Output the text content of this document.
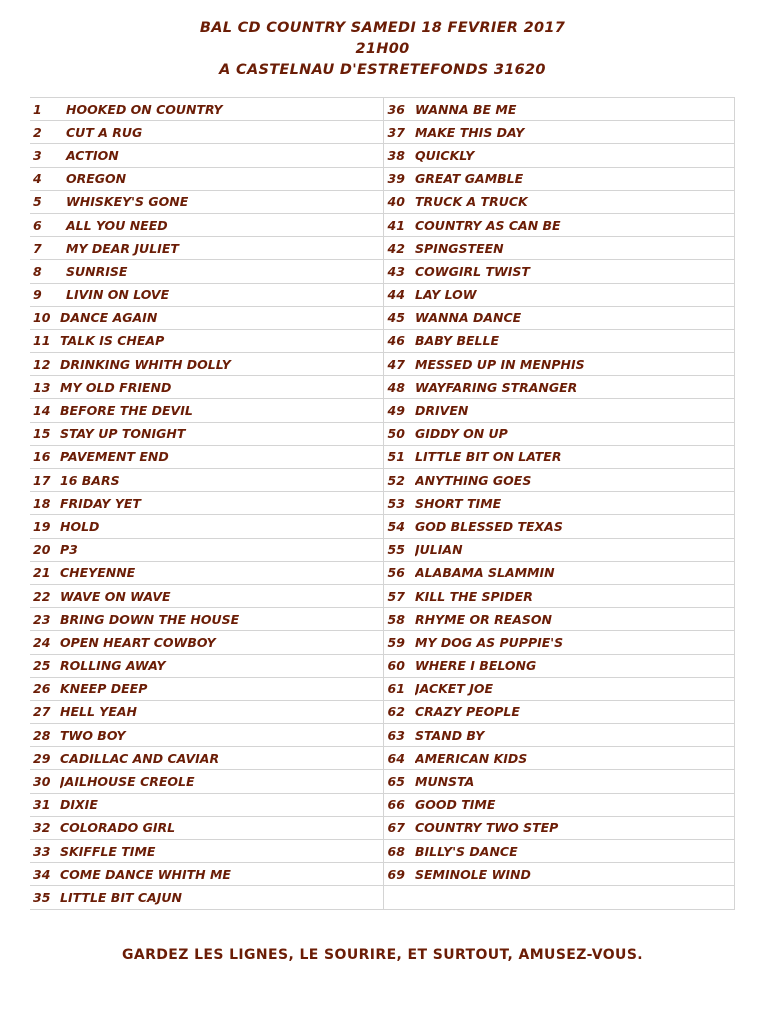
BAL CD COUNTRY SAMEDI 18 FEVRIER 2017
21H00
A CASTELNAU D'ESTRETEFONDS 31620
1	HOOKED ON COUNTRY	36	WANNA BE ME
2	CUT A RUG	37	MAKE THIS DAY
3	ACTION	38	QUICKLY
4	OREGON	39	GREAT GAMBLE
5	WHISKEY'S GONE	40	TRUCK A TRUCK
6	ALL YOU NEED	41	COUNTRY AS CAN BE
7	MY DEAR JULIET	42	SPINGSTEEN
8	SUNRISE	43	COWGIRL TWIST
9	LIVIN ON LOVE	44	LAY LOW
10	DANCE AGAIN	45	WANNA DANCE
11	TALK IS CHEAP	46	BABY BELLE
12	DRINKING WHITH DOLLY	47	MESSED UP IN MENPHIS
13	MY OLD FRIEND	48	WAYFARING STRANGER
14	BEFORE THE DEVIL	49	DRIVEN
15	STAY UP TONIGHT	50	GIDDY ON UP
16	PAVEMENT END	51	LITTLE BIT ON LATER
17	16 BARS	52	ANYTHING GOES
18	FRIDAY YET	53	SHORT TIME
19	HOLD	54	GOD BLESSED TEXAS
20	P3	55	JULIAN
21	CHEYENNE	56	ALABAMA SLAMMIN
22	WAVE ON WAVE	57	KILL THE SPIDER
23	BRING DOWN THE HOUSE	58	RHYME OR REASON
24	OPEN HEART COWBOY	59	MY DOG AS PUPPIE'S
25	ROLLING AWAY	60	WHERE I BELONG
26	KNEEP DEEP	61	JACKET JOE
27	HELL YEAH	62	CRAZY PEOPLE
28	TWO BOY	63	STAND BY
29	CADILLAC AND CAVIAR	64	AMERICAN KIDS
30	JAILHOUSE CREOLE	65	MUNSTA
31	DIXIE	66	GOOD TIME
32	COLORADO GIRL	67	COUNTRY TWO STEP
33	SKIFFLE TIME	68	BILLY'S DANCE
34	COME DANCE WHITH ME	69	SEMINOLE WIND
35	LITTLE BIT CAJUN		
GARDEZ LES LIGNES, LE SOURIRE, ET SURTOUT, AMUSEZ-VOUS.
